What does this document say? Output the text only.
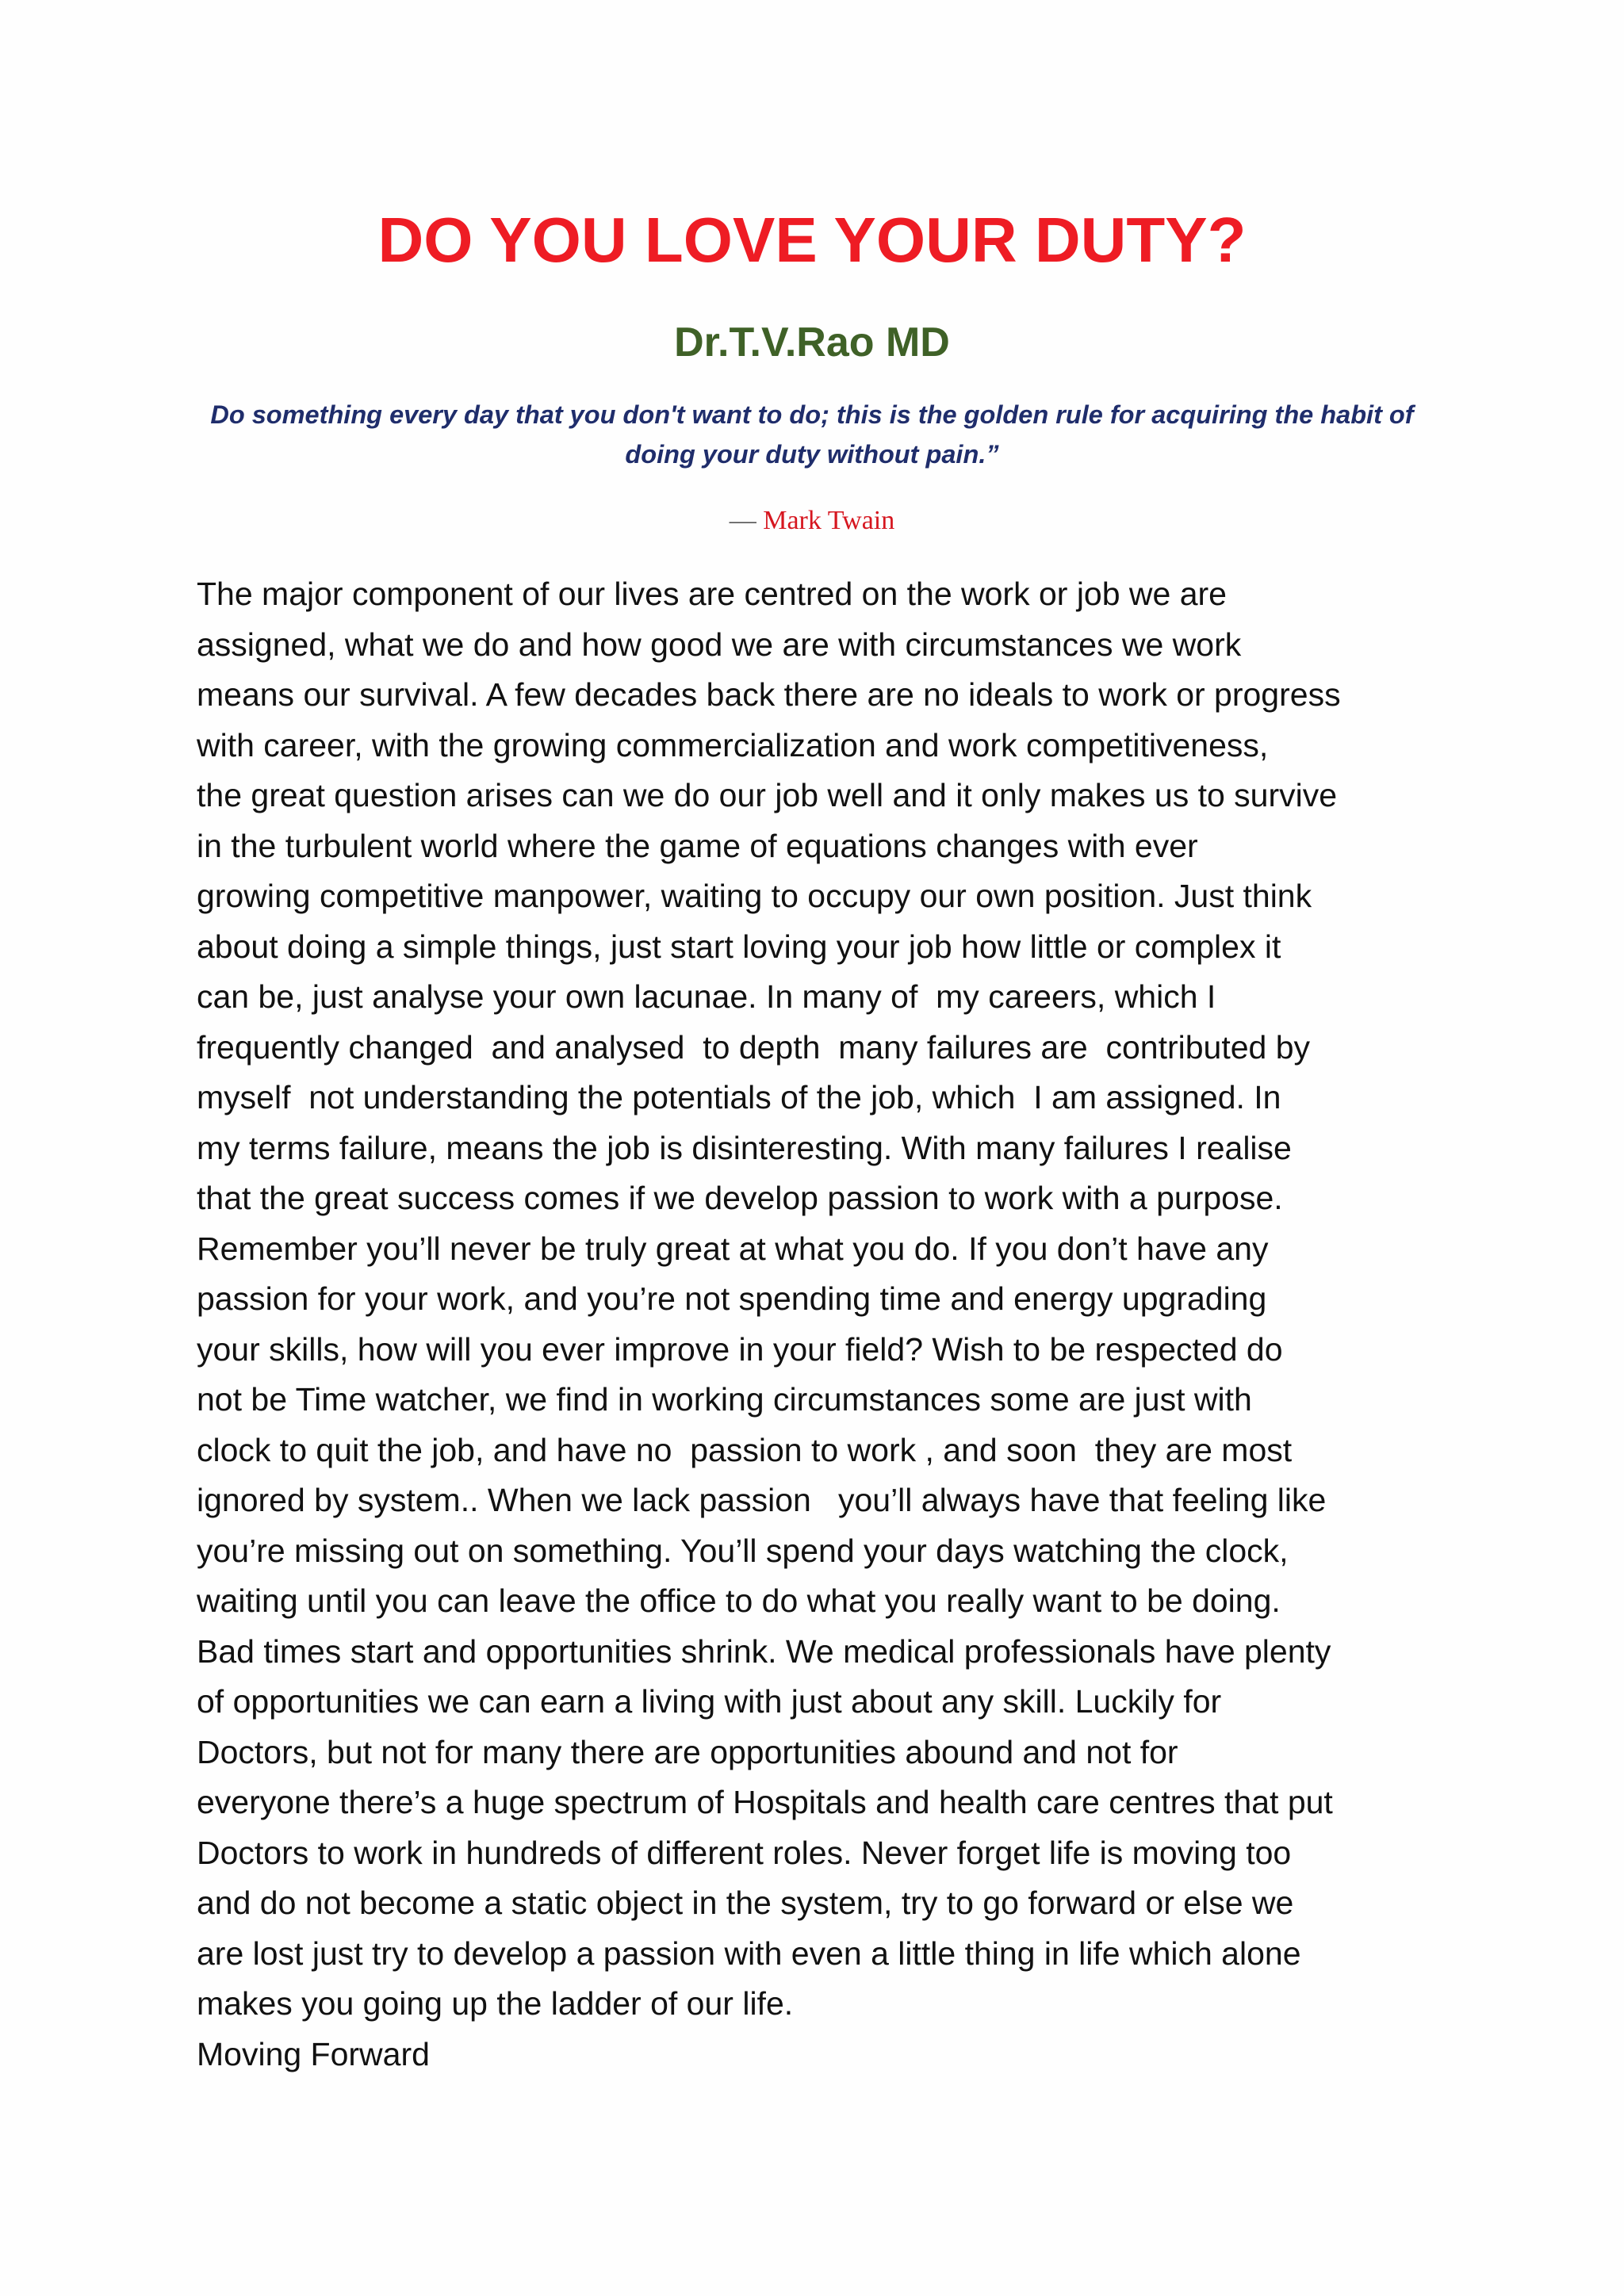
DO YOU LOVE YOUR DUTY?
Dr.T.V.Rao MD

Do something every day that you don't want to do; this is the golden rule for acquiring the habit of
doing your duty without pain.”

— Mark Twain

The major component of our lives are centred on the work or job we are
assigned, what we do and how good we are with circumstances we work
means our survival. A few decades back there are no ideals to work or progress
with career, with the growing commercialization and work competitiveness,
the great question arises can we do our job well and it only makes us to survive
in the turbulent world where the game of equations changes with ever
growing competitive manpower, waiting to occupy our own position. Just think
about doing a simple things, just start loving your job how little or complex it
can be, just analyse your own lacunae. In many of  my careers, which I
frequently changed  and analysed  to depth  many failures are  contributed by
myself  not understanding the potentials of the job, which  I am assigned. In
my terms failure, means the job is disinteresting. With many failures I realise
that the great success comes if we develop passion to work with a purpose.
Remember you’ll never be truly great at what you do. If you don’t have any
passion for your work, and you’re not spending time and energy upgrading
your skills, how will you ever improve in your field? Wish to be respected do
not be Time watcher, we find in working circumstances some are just with
clock to quit the job, and have no  passion to work , and soon  they are most
ignored by system.. When we lack passion   you’ll always have that feeling like
you’re missing out on something. You’ll spend your days watching the clock,
waiting until you can leave the office to do what you really want to be doing.
Bad times start and opportunities shrink. We medical professionals have plenty
of opportunities we can earn a living with just about any skill. Luckily for
Doctors, but not for many there are opportunities abound and not for
everyone there’s a huge spectrum of Hospitals and health care centres that put
Doctors to work in hundreds of different roles. Never forget life is moving too
and do not become a static object in the system, try to go forward or else we
are lost just try to develop a passion with even a little thing in life which alone
makes you going up the ladder of our life.
Moving Forward
